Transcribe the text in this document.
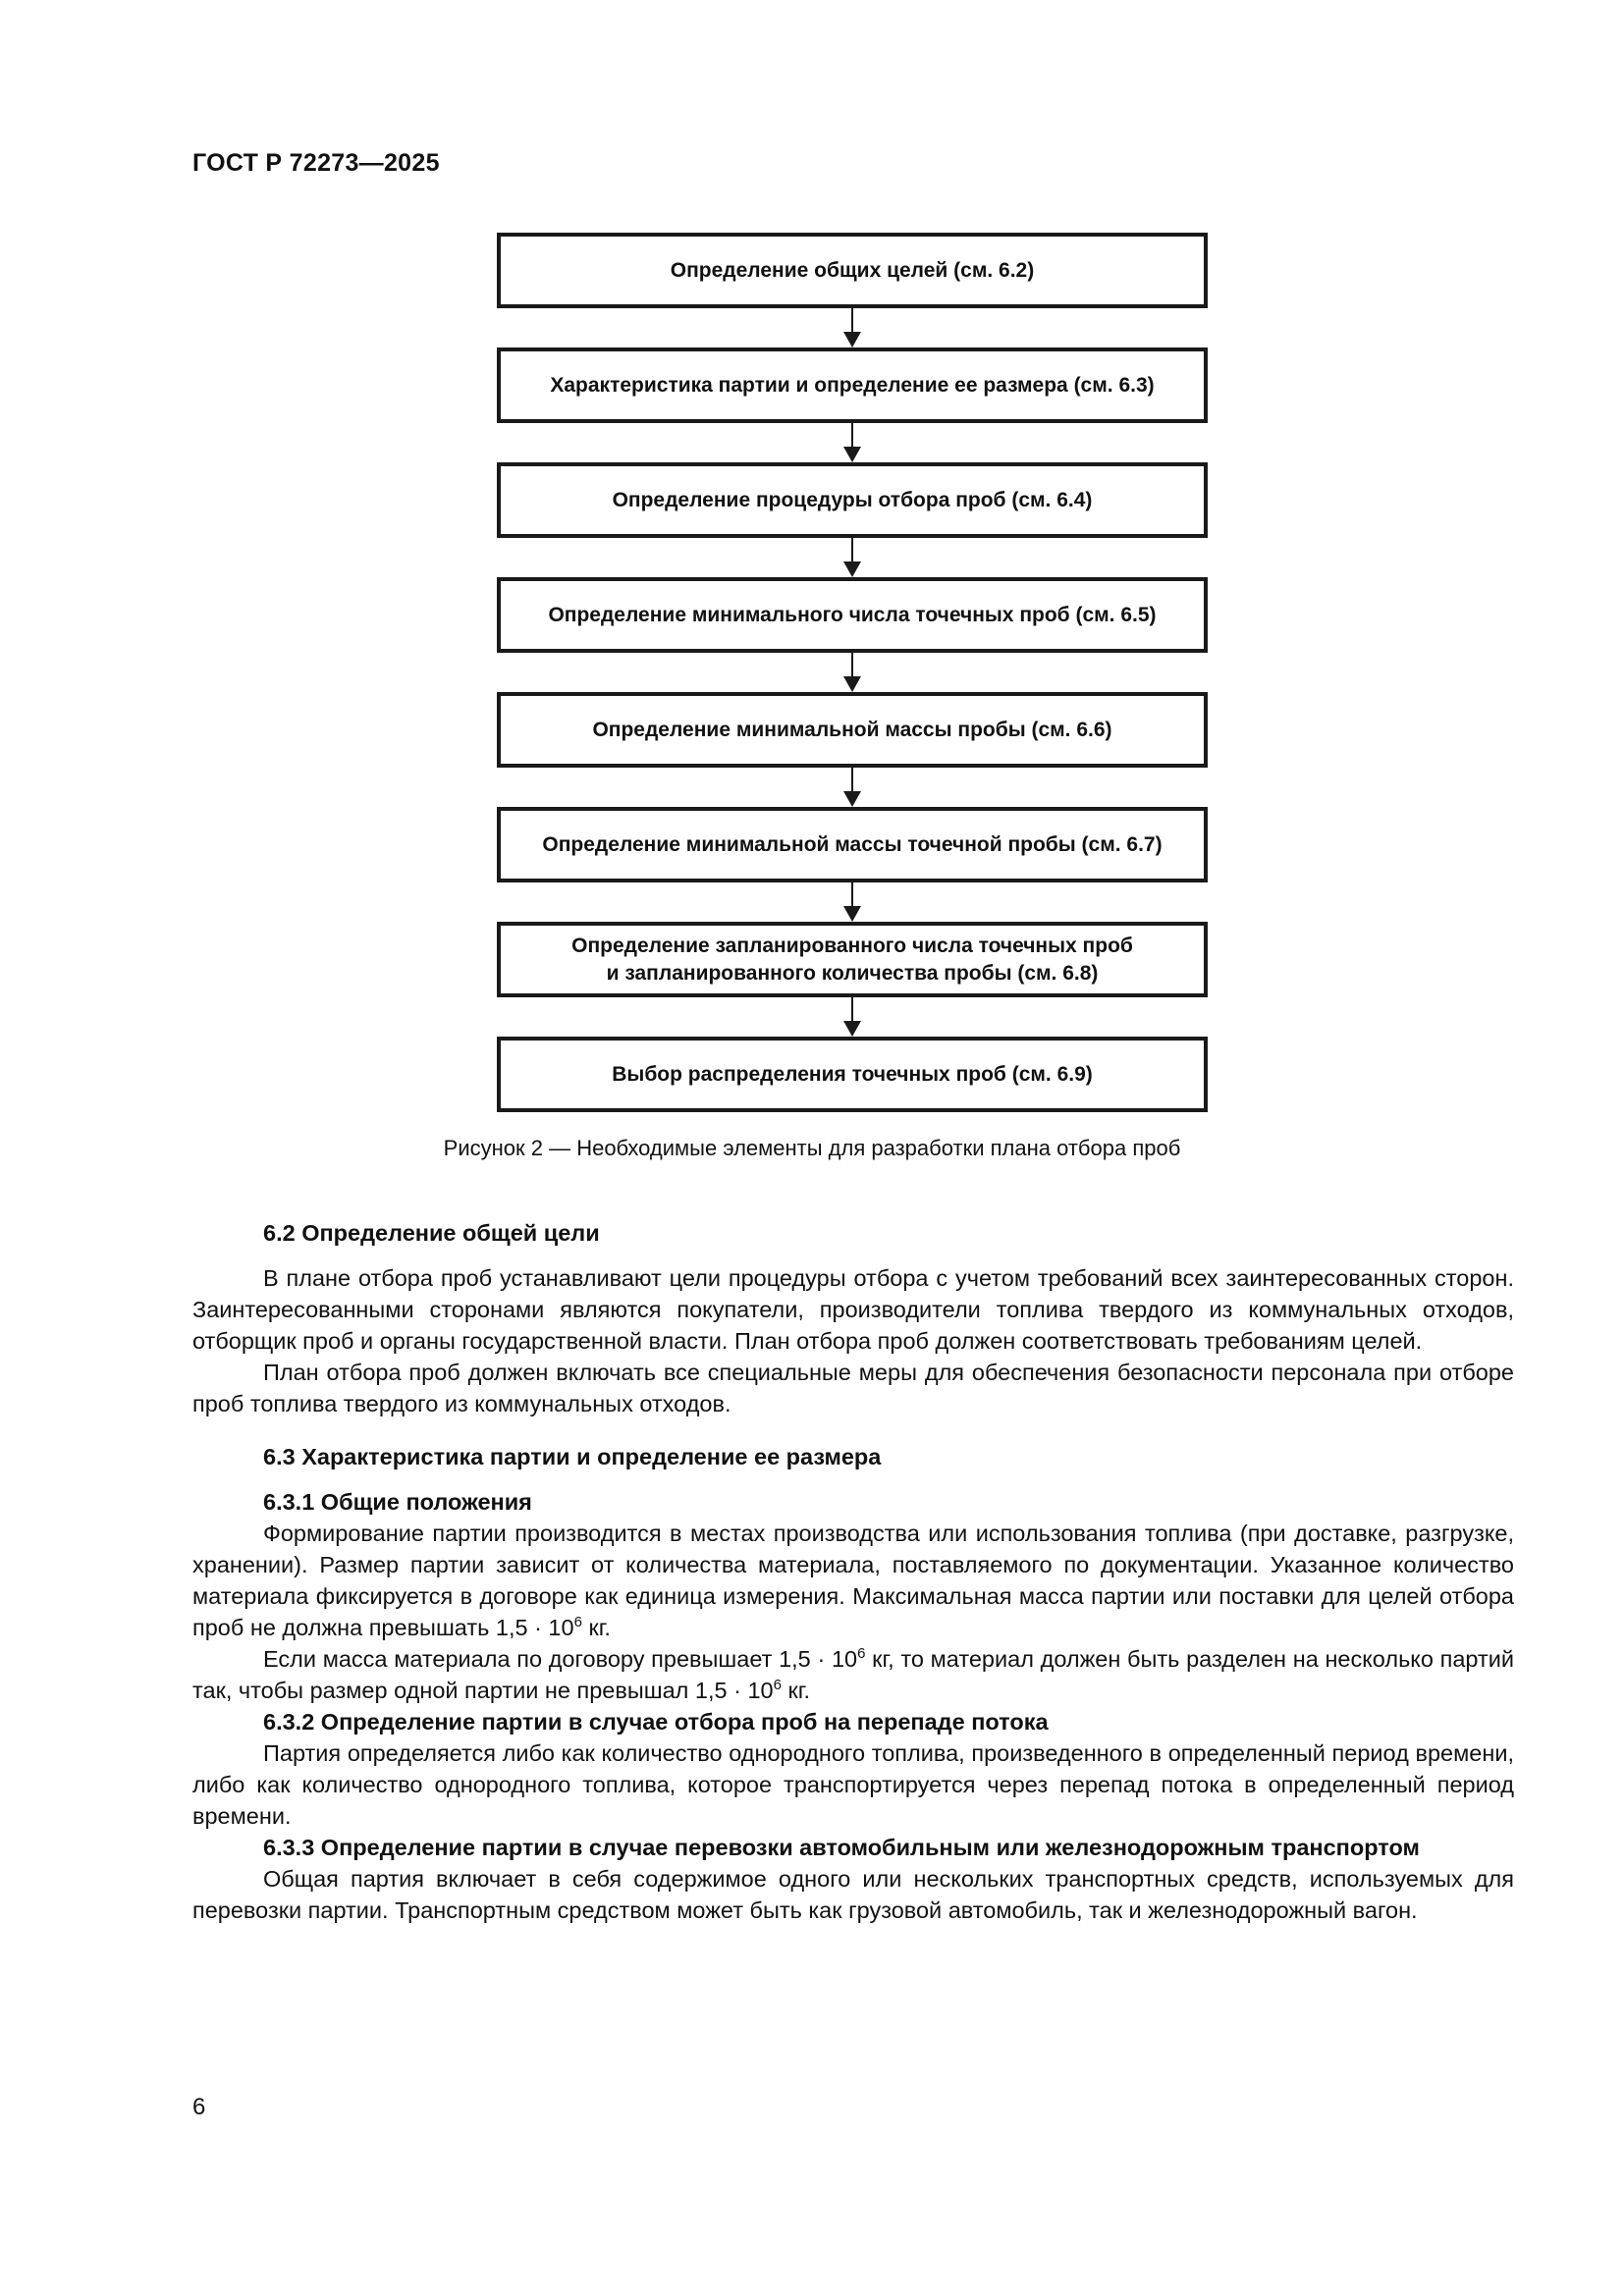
ГОСТ Р 72273—2025
Определение общих целей (см. 6.2)
Характеристика партии и определение ее размера (см. 6.3)
Определение процедуры отбора проб (см. 6.4)
Определение минимального числа точечных проб (см. 6.5)
Определение минимальной массы пробы (см. 6.6)
Определение минимальной массы точечной пробы (см. 6.7)
Определение запланированного числа точечных проб
и запланированного количества пробы (см. 6.8)
Выбор распределения точечных проб (см. 6.9)
Рисунок 2 — Необходимые элементы для разработки плана отбора проб
6.2 Определение общей цели

В плане отбора проб устанавливают цели процедуры отбора с учетом требований всех заинтересованных сторон. Заинтересованными сторонами являются покупатели, производители топлива твердого из коммунальных отходов, отборщик проб и органы государственной власти. План отбора проб должен соответствовать требованиям целей.

План отбора проб должен включать все специальные меры для обеспечения безопасности персонала при отборе проб топлива твердого из коммунальных отходов.

6.3 Характеристика партии и определение ее размера
6.3.1 Общие положения

Формирование партии производится в местах производства или использования топлива (при доставке, разгрузке, хранении). Размер партии зависит от количества материала, поставляемого по документации. Указанное количество материала фиксируется в договоре как единица измерения. Максимальная масса партии или поставки для целей отбора проб не должна превышать $1,5 \cdot 10^6$ кг.

Если масса материала по договору превышает $1,5 \cdot 10^6$ кг, то материал должен быть разделен на несколько партий так, чтобы размер одной партии не превышал $1,5 \cdot 10^6$ кг.

6.3.2 Определение партии в случае отбора проб на перепаде потока

Партия определяется либо как количество однородного топлива, произведенного в определенный период времени, либо как количество однородного топлива, которое транспортируется через перепад потока в определенный период времени.

6.3.3 Определение партии в случае перевозки автомобильным или железнодорожным транспортом

Общая партия включает в себя содержимое одного или нескольких транспортных средств, используемых для перевозки партии. Транспортным средством может быть как грузовой автомобиль, так и железнодорожный вагон.

6
